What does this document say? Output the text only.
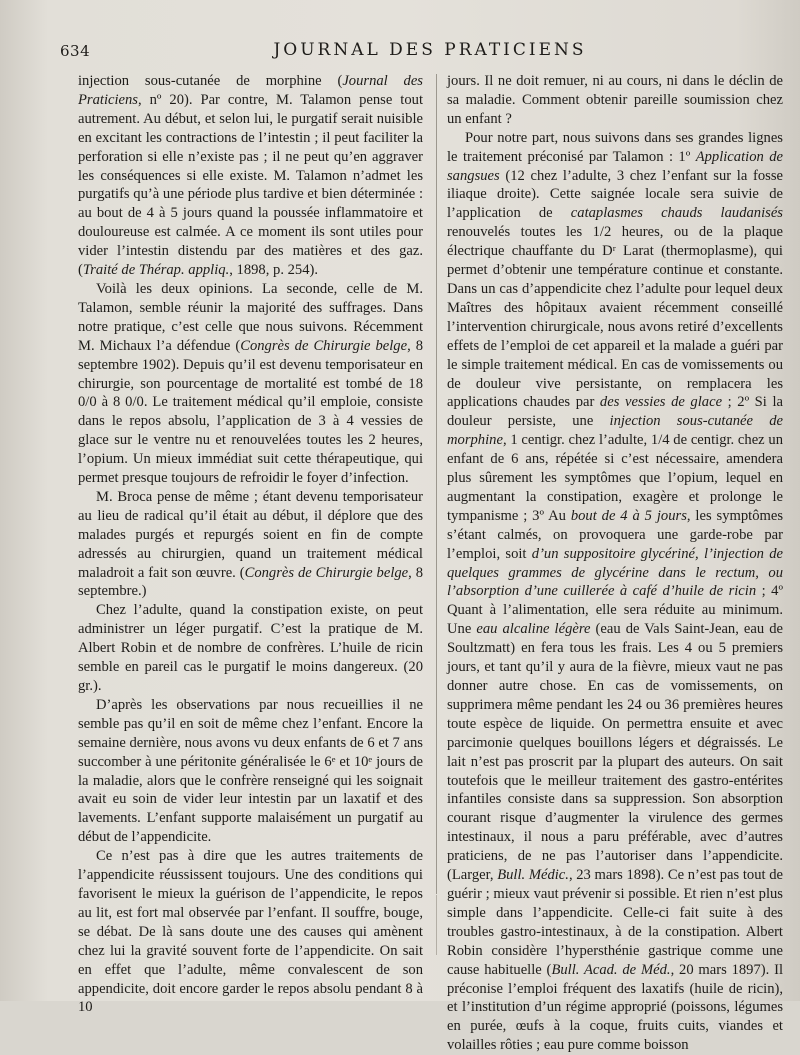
634	JOURNAL DES PRATICIENS

injection sous-cutanée de morphine (Journal des Praticiens, nº 20). Par contre, M. Talamon pense tout autrement. Au début, et selon lui, le purgatif serait nuisible en excitant les contractions de l’intestin ; il peut faciliter la perforation si elle n’existe pas ; il ne peut qu’en aggraver les conséquences si elle existe. M. Talamon n’admet les purgatifs qu’à une période plus tardive et bien déterminée : au bout de 4 à 5 jours quand la poussée inflammatoire et douloureuse est calmée. A ce moment ils sont utiles pour vider l’intestin distendu par des matières et des gaz. (Traité de Thérap. appliq., 1898, p. 254).

Voilà les deux opinions. La seconde, celle de M. Talamon, semble réunir la majorité des suffrages. Dans notre pratique, c’est celle que nous suivons. Récemment M. Michaux l’a défendue (Congrès de Chirurgie belge, 8 septembre 1902). Depuis qu’il est devenu temporisateur en chirurgie, son pourcentage de mortalité est tombé de 18 0/0 à 8 0/0. Le traitement médical qu’il emploie, consiste dans le repos absolu, l’application de 3 à 4 vessies de glace sur le ventre nu et renouvelées toutes les 2 heures, l’opium. Un mieux immédiat suit cette thérapeutique, qui permet presque toujours de refroidir le foyer d’infection.

M. Broca pense de même ; étant devenu temporisateur au lieu de radical qu’il était au début, il déplore que des malades purgés et repurgés soient en fin de compte adressés au chirurgien, quand un traitement médical maladroit a fait son œuvre. (Congrès de Chirurgie belge, 8 septembre.)

Chez l’adulte, quand la constipation existe, on peut administrer un léger purgatif. C’est la pratique de M. Albert Robin et de nombre de confrères. L’huile de ricin semble en pareil cas le purgatif le moins dangereux. (20 gr.).

D’après les observations par nous recueillies il ne semble pas qu’il en soit de même chez l’enfant. Encore la semaine dernière, nous avons vu deux enfants de 6 et 7 ans succomber à une péritonite généralisée le 6ᵉ et 10ᵉ jours de la maladie, alors que le confrère renseigné qui les soignait avait eu soin de vider leur intestin par un laxatif et des lavements. L’enfant supporte malaisément un purgatif au début de l’appendicite.

Ce n’est pas à dire que les autres traitements de l’appendicite réussissent toujours. Une des conditions qui favorisent le mieux la guérison de l’appendicite, le repos au lit, est fort mal observée par l’enfant. Il souffre, bouge, se débat. De là sans doute une des causes qui amènent chez lui la gravité souvent forte de l’appendicite. On sait en effet que l’adulte, même convalescent de son appendicite, doit encore garder le repos absolu pendant 8 à 10

jours. Il ne doit remuer, ni au cours, ni dans le déclin de sa maladie. Comment obtenir pareille soumission chez un enfant ?

Pour notre part, nous suivons dans ses grandes lignes le traitement préconisé par Talamon : 1º Application de sangsues (12 chez l’adulte, 3 chez l’enfant sur la fosse iliaque droite). Cette saignée locale sera suivie de l’application de cataplasmes chauds laudanisés renouvelés toutes les 1/2 heures, ou de la plaque électrique chauffante du Dʳ Larat (thermoplasme), qui permet d’obtenir une température continue et constante. Dans un cas d’appendicite chez l’adulte pour lequel deux Maîtres des hôpitaux avaient récemment conseillé l’intervention chirurgicale, nous avons retiré d’excellents effets de l’emploi de cet appareil et la malade a guéri par le simple traitement médical. En cas de vomissements ou de douleur vive persistante, on remplacera les applications chaudes par des vessies de glace ; 2º Si la douleur persiste, une injection sous-cutanée de morphine, 1 centigr. chez l’adulte, 1/4 de centigr. chez un enfant de 6 ans, répétée si c’est nécessaire, amendera plus sûrement les symptômes que l’opium, lequel en augmentant la constipation, exagère et prolonge le tympanisme ; 3º Au bout de 4 à 5 jours, les symptômes s’étant calmés, on provoquera une garde-robe par l’emploi, soit d’un suppositoire glycériné, l’injection de quelques grammes de glycérine dans le rectum, ou l’absorption d’une cuillerée à café d’huile de ricin ; 4º Quant à l’alimentation, elle sera réduite au minimum. Une eau alcaline légère (eau de Vals Saint-Jean, eau de Soultzmatt) en fera tous les frais. Les 4 ou 5 premiers jours, et tant qu’il y aura de la fièvre, mieux vaut ne pas donner autre chose. En cas de vomissements, on supprimera même pendant les 24 ou 36 premières heures toute espèce de liquide. On permettra ensuite et avec parcimonie quelques bouillons légers et dégraissés. Le lait n’est pas proscrit par la plupart des auteurs. On sait toutefois que le meilleur traitement des gastro-entérites infantiles consiste dans sa suppression. Son absorption courant risque d’augmenter la virulence des germes intestinaux, il nous a paru préférable, avec d’autres praticiens, de ne pas l’autoriser dans l’appendicite. (Larger, Bull. Médic., 23 mars 1898). Ce n’est pas tout de guérir ; mieux vaut prévenir si possible. Et rien n’est plus simple dans l’appendicite. Celle-ci fait suite à des troubles gastro-intestinaux, à de la constipation. Albert Robin considère l’hypersthénie gastrique comme une cause habituelle (Bull. Acad. de Méd., 20 mars 1897). Il préconise l’emploi fréquent des laxatifs (huile de ricin), et l’institution d’un régime approprié (poissons, légumes en purée, œufs à la coque, fruits cuits, viandes et volailles rôties ; eau pure comme boisson
